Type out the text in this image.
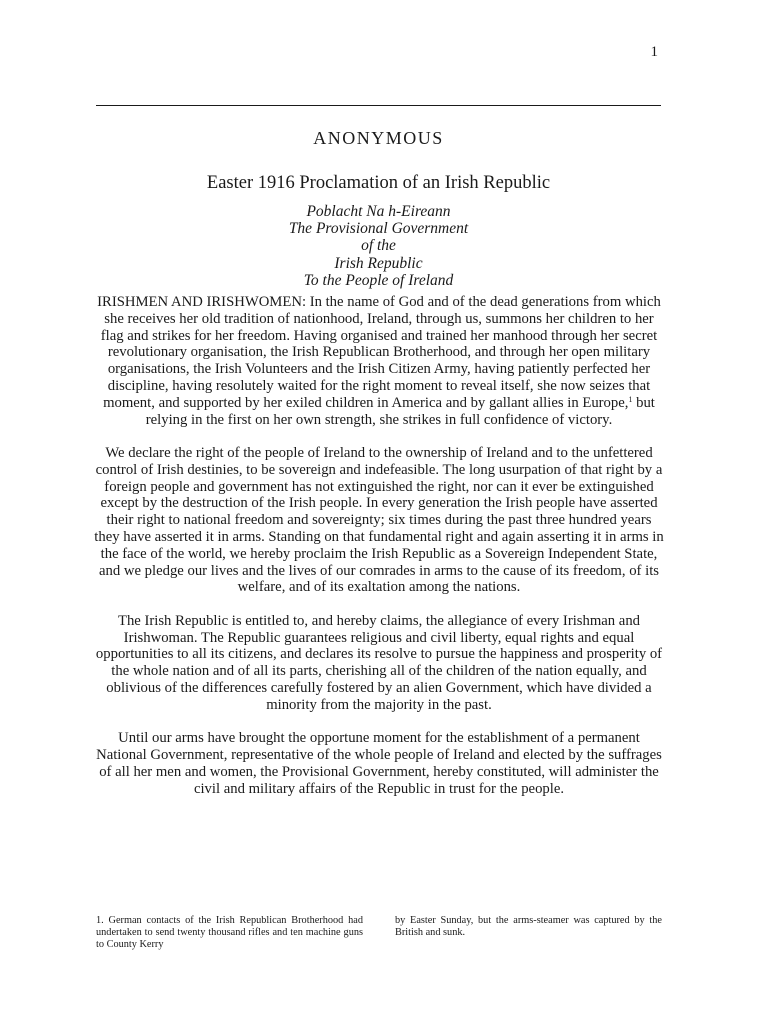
1
ANONYMOUS
Easter 1916 Proclamation of an Irish Republic
Poblacht Na h-Eireann
The Provisional Government
of the
Irish Republic
To the People of Ireland

IRISHMEN AND IRISHWOMEN: In the name of God and of the dead generations from which she receives her old tradition of nationhood, Ireland, through us, summons her children to her flag and strikes for her freedom. Having organised and trained her manhood through her secret revolutionary organisation, the Irish Republican Brotherhood, and through her open military organisations, the Irish Volunteers and the Irish Citizen Army, having patiently perfected her discipline, having resolutely waited for the right moment to reveal itself, she now seizes that moment, and supported by her exiled children in America and by gallant allies in Europe,$^1$ but relying in the first on her own strength, she strikes in full confidence of victory.

We declare the right of the people of Ireland to the ownership of Ireland and to the unfettered control of Irish destinies, to be sovereign and indefeasible. The long usurpation of that right by a foreign people and government has not extinguished the right, nor can it ever be extinguished except by the destruction of the Irish people. In every generation the Irish people have asserted their right to national freedom and sovereignty; six times during the past three hundred years they have asserted it in arms. Standing on that fundamental right and again asserting it in arms in the face of the world, we hereby proclaim the Irish Republic as a Sovereign Independent State, and we pledge our lives and the lives of our comrades in arms to the cause of its freedom, of its welfare, and of its exaltation among the nations.

The Irish Republic is entitled to, and hereby claims, the allegiance of every Irishman and Irishwoman. The Republic guarantees religious and civil liberty, equal rights and equal opportunities to all its citizens, and declares its resolve to pursue the happiness and prosperity of the whole nation and of all its parts, cherishing all of the children of the nation equally, and oblivious of the differences carefully fostered by an alien Government, which have divided a minority from the majority in the past.

Until our arms have brought the opportune moment for the establishment of a permanent National Government, representative of the whole people of Ireland and elected by the suffrages of all her men and women, the Provisional Government, hereby constituted, will administer the civil and military affairs of the Republic in trust for the people.

1. German contacts of the Irish Republican Brotherhood had undertaken to send twenty thousand rifles and ten machine guns to County Kerry
by Easter Sunday, but the arms-steamer was captured by the British and sunk.
